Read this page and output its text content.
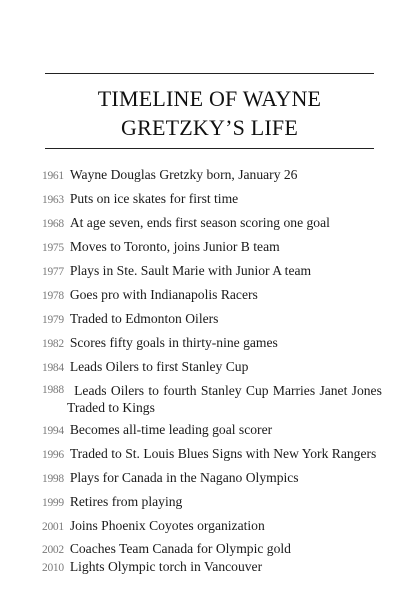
TIMELINE OF WAYNE
GRETZKY’S LIFE
1961 Wayne Douglas Gretzky born, January 26
1963 Puts on ice skates for first time
1968 At age seven, ends first season scoring one goal
1975 Moves to Toronto, joins Junior B team
1977 Plays in Ste. Sault Marie with Junior A team
1978 Goes pro with Indianapolis Racers
1979 Traded to Edmonton Oilers
1982 Scores fifty goals in thirty-nine games
1984 Leads Oilers to first Stanley Cup
1988 Leads Oilers to fourth Stanley Cup Marries Janet Jones
Traded to Kings
1994 Becomes all-time leading goal scorer
1996 Traded to St. Louis Blues Signs with New York Rangers
1998 Plays for Canada in the Nagano Olympics
1999 Retires from playing
2001 Joins Phoenix Coyotes organization
2002 Coaches Team Canada for Olympic gold
2010 Lights Olympic torch in Vancouver
